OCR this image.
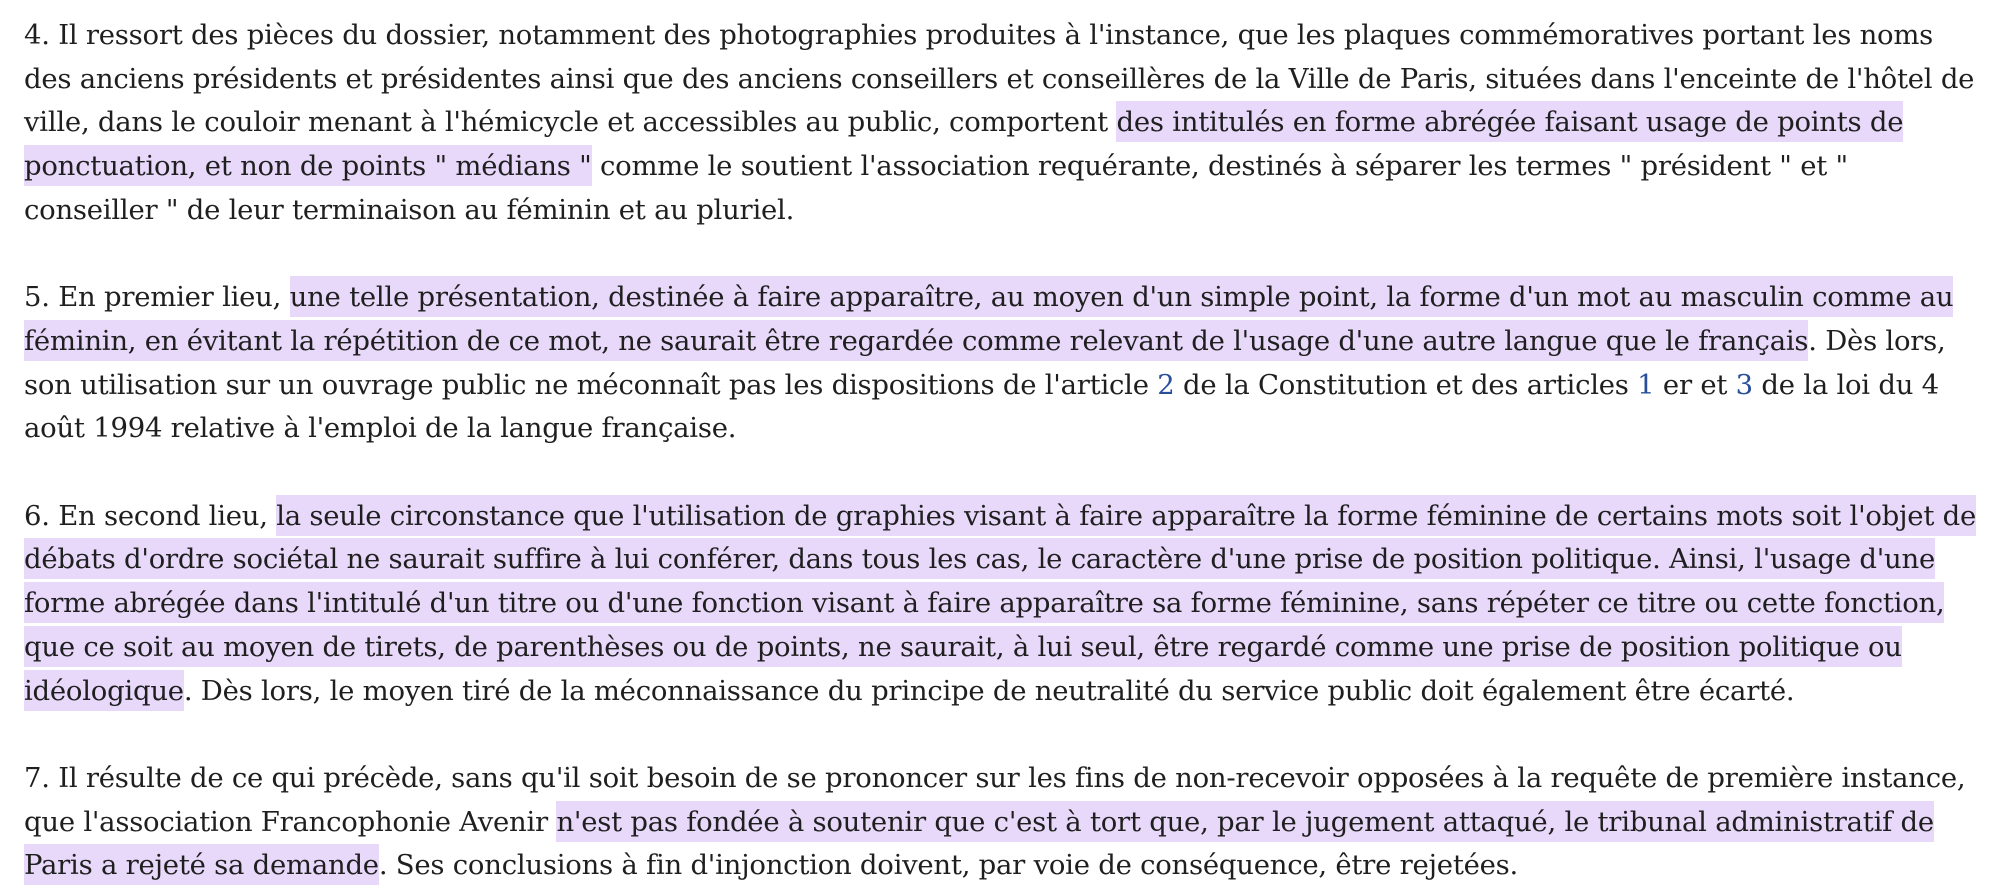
4. Il ressort des pièces du dossier, notamment des photographies produites à l'instance, que les plaques commémoratives portant les noms des anciens présidents et présidentes ainsi que des anciens conseillers et conseillères de la Ville de Paris, situées dans l'enceinte de l'hôtel de ville, dans le couloir menant à l'hémicycle et accessibles au public, comportent des intitulés en forme abrégée faisant usage de points de ponctuation, et non de points " médians " comme le soutient l'association requérante, destinés à séparer les termes " président " et " conseiller " de leur terminaison au féminin et au pluriel.

5. En premier lieu, une telle présentation, destinée à faire apparaître, au moyen d'un simple point, la forme d'un mot au masculin comme au féminin, en évitant la répétition de ce mot, ne saurait être regardée comme relevant de l'usage d'une autre langue que le français. Dès lors, son utilisation sur un ouvrage public ne méconnaît pas les dispositions de l'article 2 de la Constitution et des articles 1 er et 3 de la loi du 4 août 1994 relative à l'emploi de la langue française.

6. En second lieu, la seule circonstance que l'utilisation de graphies visant à faire apparaître la forme féminine de certains mots soit l'objet de débats d'ordre sociétal ne saurait suffire à lui conférer, dans tous les cas, le caractère d'une prise de position politique. Ainsi, l'usage d'une forme abrégée dans l'intitulé d'un titre ou d'une fonction visant à faire apparaître sa forme féminine, sans répéter ce titre ou cette fonction, que ce soit au moyen de tirets, de parenthèses ou de points, ne saurait, à lui seul, être regardé comme une prise de position politique ou idéologique. Dès lors, le moyen tiré de la méconnaissance du principe de neutralité du service public doit également être écarté.

7. Il résulte de ce qui précède, sans qu'il soit besoin de se prononcer sur les fins de non-recevoir opposées à la requête de première instance, que l'association Francophonie Avenir n'est pas fondée à soutenir que c'est à tort que, par le jugement attaqué, le tribunal administratif de Paris a rejeté sa demande. Ses conclusions à fin d'injonction doivent, par voie de conséquence, être rejetées.
